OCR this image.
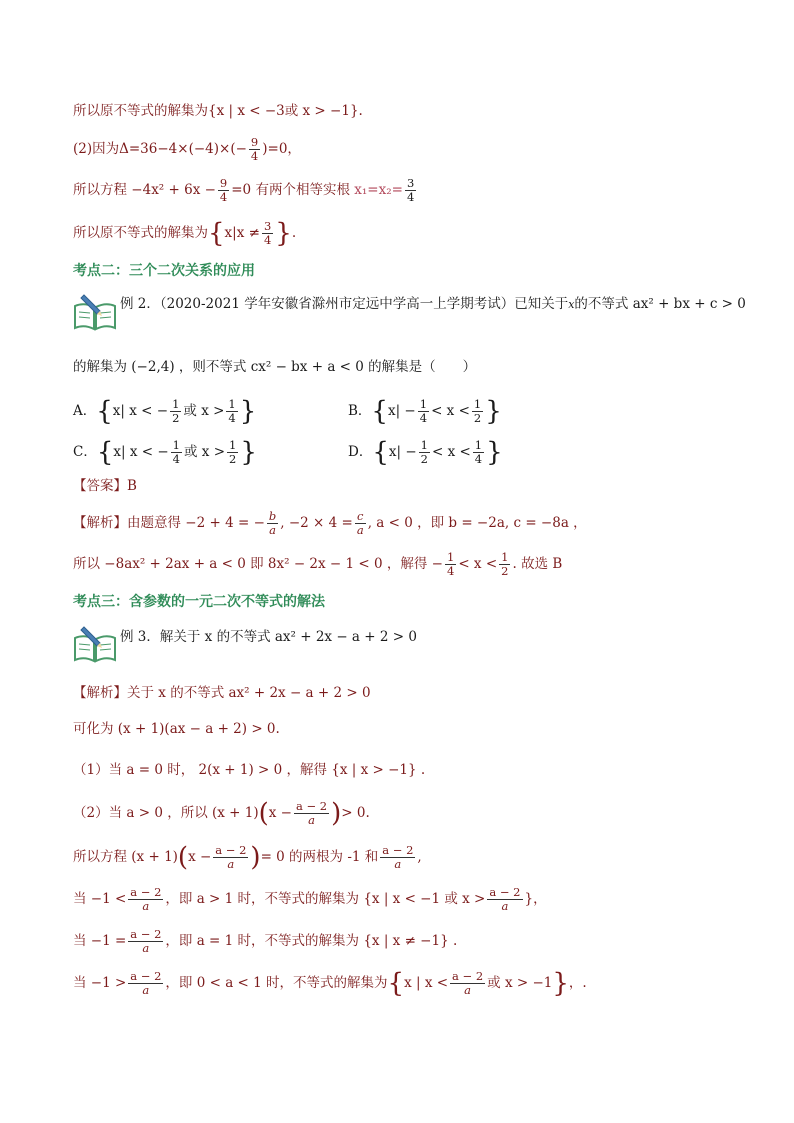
所以原不等式的解集为{x | x < −3或 x > −1}.
(2)因为$\Delta=36-4\times(-4)\times(- \frac{9}{4} )=0$，
所以方程 $-4x^2 + 6x - \frac{9}{4} =0$ 有两个相等实根 $x_1=x_2= \frac{3}{4}$
所以原不等式的解集为{$x|x \ne \frac{3}{4}$ }.
考点二：三个二次关系的应用
例 2．（2020-2021 学年安徽省滁州市定远中学高一上学期考试）已知关于x的不等式 ax² + bx + c > 0
的解集为 (−2,4) ，则不等式 cx² − bx + a < 0 的解集是（　　）
A．{x| x < − $\frac{1}{2}$ 或 $x > \frac{1}{4}$ }	B．{$x| - \frac{1}{4} < x < \frac{1}{2}$ }
C．{x| x < − $\frac{1}{4}$ 或 $x > \frac{1}{2}$ }	D．{$x| - \frac{1}{2} < x < \frac{1}{4}$ }
【答案】B
【解析】由题意得 −2 + 4 = − $\frac{b}{a}$ , $-2 \times 4 = \frac{c}{a}$ , a < 0 ，即 b = −2a, c = −8a ，
所以 −8ax² + 2ax + a < 0 即 8x² − 2x − 1 < 0 ，解得 − $\frac{1}{4} < x < \frac{1}{2}$ . 故选 B
考点三：含参数的一元二次不等式的解法
例 3．解关于 x 的不等式 ax² + 2x − a + 2 > 0
【解析】关于 x 的不等式 ax² + 2x − a + 2 > 0
可化为 (x + 1)(ax − a + 2) > 0.
（1）当 a = 0 时， 2(x + 1) > 0 ，解得 {x | x > −1} .
（2）当 a > 0 ，所以 $(x + 1)(x - \frac{a - 2}{a}$ )> 0.
所以方程 $(x + 1)(x - \frac{a - 2}{a}$ )= 0 的两根为 -1 和 $\frac{a - 2}{a}$ ,
当 $-1 < \frac{a - 2}{a}$ ，即 a > 1 时，不等式的解集为 {x | x < −1 或 $x > \frac{a - 2}{a}$ }，
当 $-1 = \frac{a - 2}{a}$ ，即 a = 1 时，不等式的解集为 {x | x ≠ −1} .
当 $-1 > \frac{a - 2}{a}$ ，即 0 < a < 1 时，不等式的解集为{x | $x < \frac{a - 2}{a}$ 或 x > −1}，.
